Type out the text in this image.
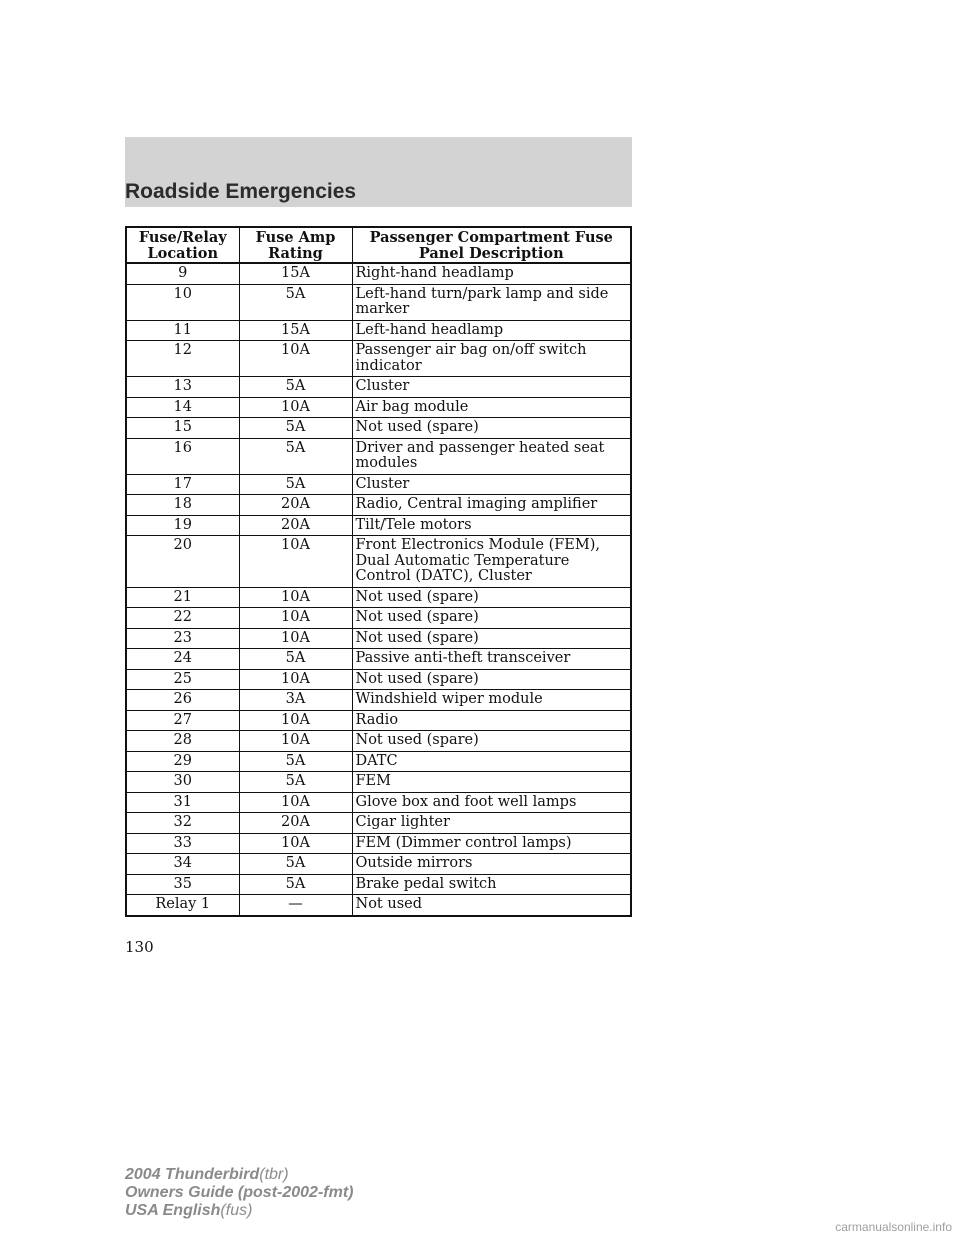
Roadside Emergencies
Fuse/Relay Location	Fuse Amp Rating	Passenger Compartment Fuse Panel Description
9	15A	Right-hand headlamp
10	5A	Left-hand turn/park lamp and side marker
11	15A	Left-hand headlamp
12	10A	Passenger air bag on/off switch indicator
13	5A	Cluster
14	10A	Air bag module
15	5A	Not used (spare)
16	5A	Driver and passenger heated seat modules
17	5A	Cluster
18	20A	Radio, Central imaging amplifier
19	20A	Tilt/Tele motors
20	10A	Front Electronics Module (FEM), Dual Automatic Temperature Control (DATC), Cluster
21	10A	Not used (spare)
22	10A	Not used (spare)
23	10A	Not used (spare)
24	5A	Passive anti-theft transceiver
25	10A	Not used (spare)
26	3A	Windshield wiper module
27	10A	Radio
28	10A	Not used (spare)
29	5A	DATC
30	5A	FEM
31	10A	Glove box and foot well lamps
32	20A	Cigar lighter
33	10A	FEM (Dimmer control lamps)
34	5A	Outside mirrors
35	5A	Brake pedal switch
Relay 1	—	Not used
130
2004 Thunderbird(tbr)
Owners Guide (post-2002-fmt)
USA English(fus)
carmanualsonline.info
